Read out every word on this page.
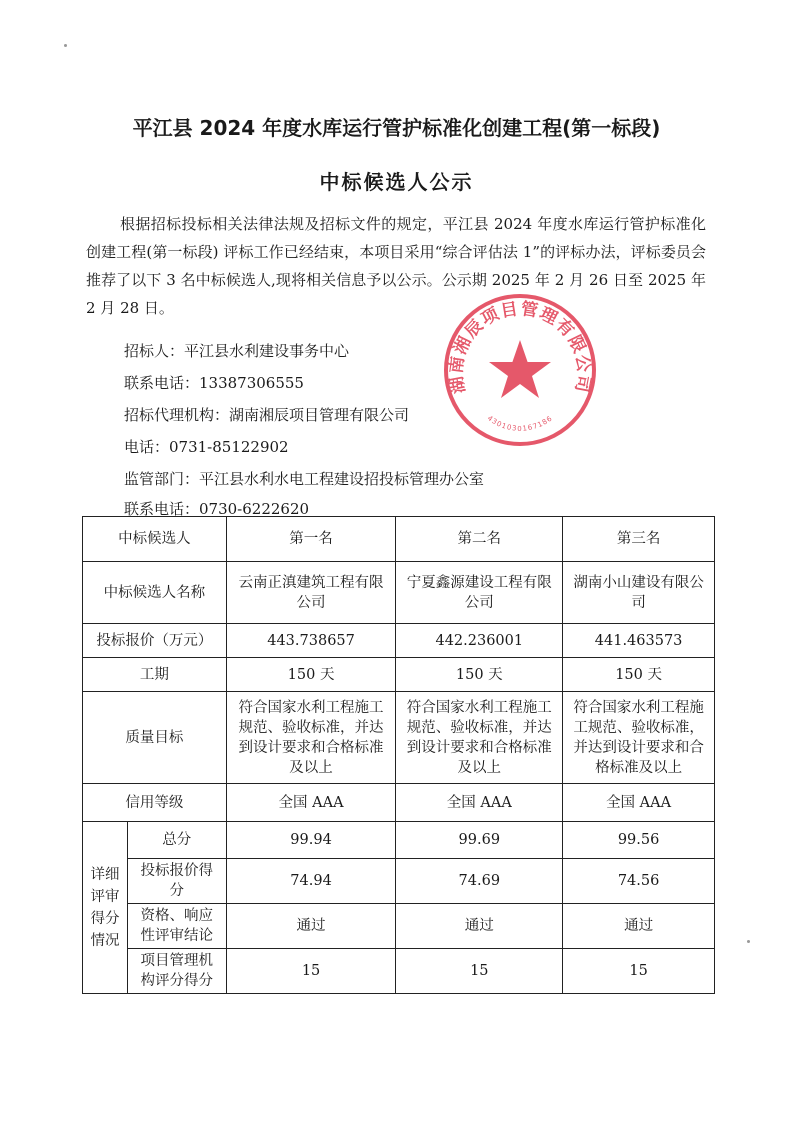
平江县 2024 年度水库运行管护标准化创建工程(第一标段)
中标候选人公示
根据招标投标相关法律法规及招标文件的规定，平江县 2024 年度水库运行管护标准化创建工程(第一标段) 评标工作已经结束，本项目采用“综合评估法 1”的评标办法，评标委员会推荐了以下 3 名中标候选人,现将相关信息予以公示。公示期 2025 年 2 月 26 日至 2025 年 2 月 28 日。
招标人：平江县水利建设事务中心
联系电话：13387306555
招标代理机构：湖南湘辰项目管理有限公司
电话：0731-85122902
监管部门：平江县水利水电工程建设招投标管理办公室
联系电话：0730-6222620
湖南湘辰项目管理有限公司
4301030167186
中标候选人		第一名	第二名	第三名
中标候选人名称		云南正滇建筑工程有限公司	宁夏鑫源建设工程有限公司	湖南小山建设有限公司
投标报价（万元）		443.738657	442.236001	441.463573
工期		150 天	150 天	150 天
质量目标		符合国家水利工程施工规范、验收标准，并达到设计要求和合格标准及以上	符合国家水利工程施工规范、验收标准，并达到设计要求和合格标准及以上	符合国家水利工程施工规范、验收标准，并达到设计要求和合格标准及以上
信用等级		全国 AAA	全国 AAA	全国 AAA
详细评审得分情况	总分	99.94	99.69	99.56
	投标报价得分	74.94	74.69	74.56
	资格、响应性评审结论	通过	通过	通过
	项目管理机构评分得分	15	15	15
